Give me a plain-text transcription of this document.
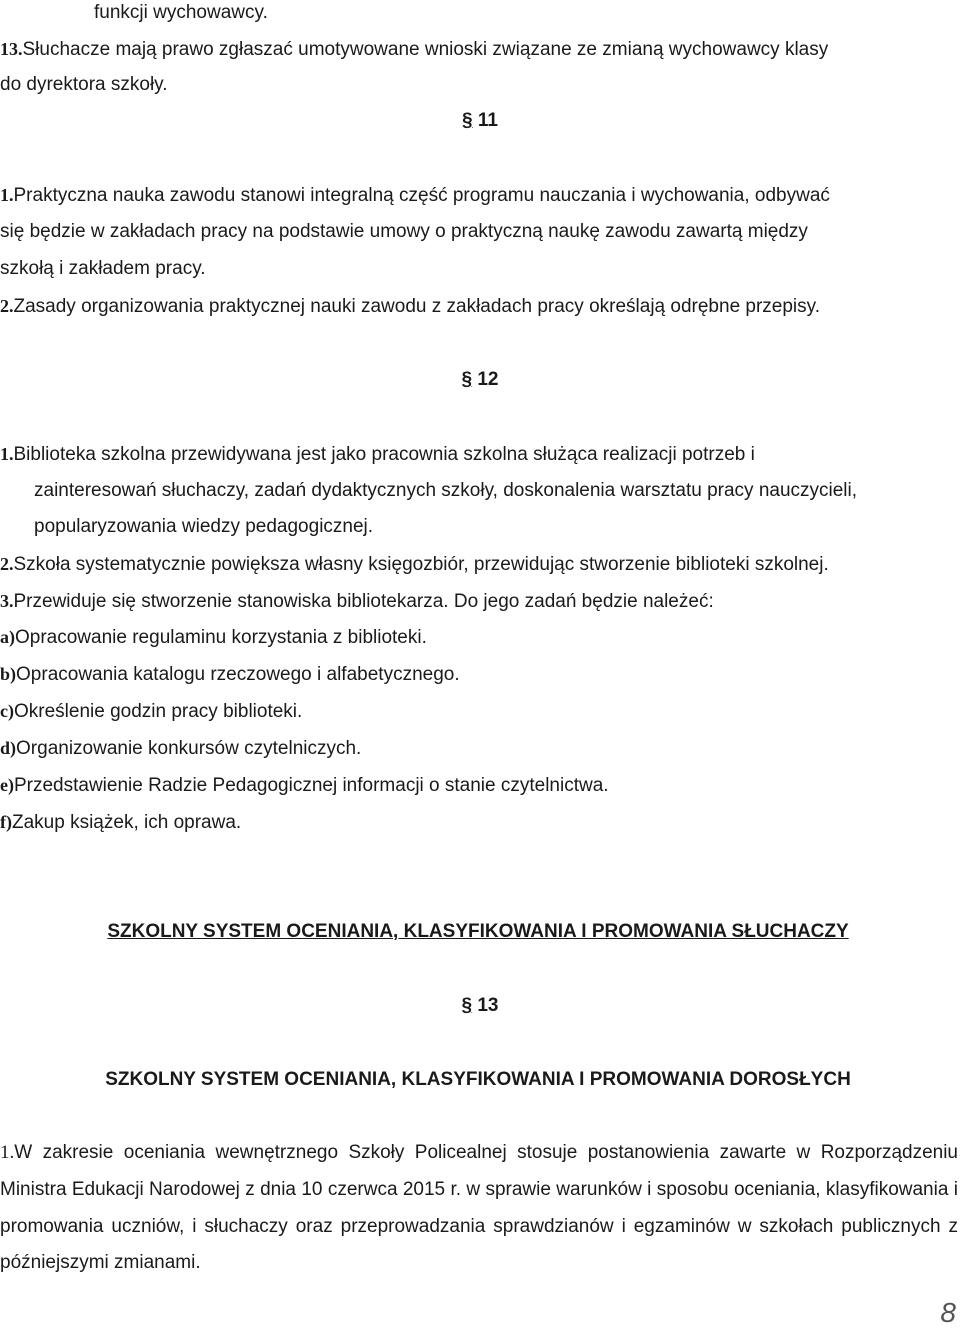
funkcji wychowawcy.
13.Słuchacze mają prawo zgłaszać umotywowane wnioski związane ze zmianą wychowawcy klasy
do dyrektora szkoły.
§ 11
1.Praktyczna nauka zawodu stanowi integralną część programu nauczania i wychowania, odbywać
się będzie w zakładach pracy na podstawie umowy o praktyczną naukę zawodu zawartą między
szkołą i zakładem pracy.
2.Zasady organizowania praktycznej nauki zawodu z zakładach pracy określają odrębne przepisy.
§ 12
1.Biblioteka szkolna przewidywana jest jako pracownia szkolna służąca realizacji potrzeb i
zainteresowań słuchaczy, zadań dydaktycznych szkoły, doskonalenia warsztatu pracy nauczycieli,
popularyzowania wiedzy pedagogicznej.
2.Szkoła systematycznie powiększa własny księgozbiór, przewidując stworzenie biblioteki szkolnej.
3.Przewiduje się stworzenie stanowiska bibliotekarza. Do jego zadań będzie należeć:
a)Opracowanie regulaminu korzystania z biblioteki.
b)Opracowania katalogu rzeczowego i alfabetycznego.
c)Określenie godzin pracy biblioteki.
d)Organizowanie konkursów czytelniczych.
e)Przedstawienie Radzie Pedagogicznej informacji o stanie czytelnictwa.
f)Zakup książek, ich oprawa.
SZKOLNY SYSTEM OCENIANIA, KLASYFIKOWANIA I PROMOWANIA SŁUCHACZY
§ 13
SZKOLNY SYSTEM OCENIANIA, KLASYFIKOWANIA I PROMOWANIA DOROSŁYCH
1.W zakresie oceniania wewnętrznego Szkoły Policealnej stosuje postanowienia zawarte w Rozporządzeniu Ministra Edukacji Narodowej z dnia 10 czerwca 2015 r. w sprawie warunków i sposobu oceniania, klasyfikowania i promowania uczniów, i słuchaczy oraz przeprowadzania sprawdzianów i egzaminów w szkołach publicznych z późniejszymi zmianami.
8
